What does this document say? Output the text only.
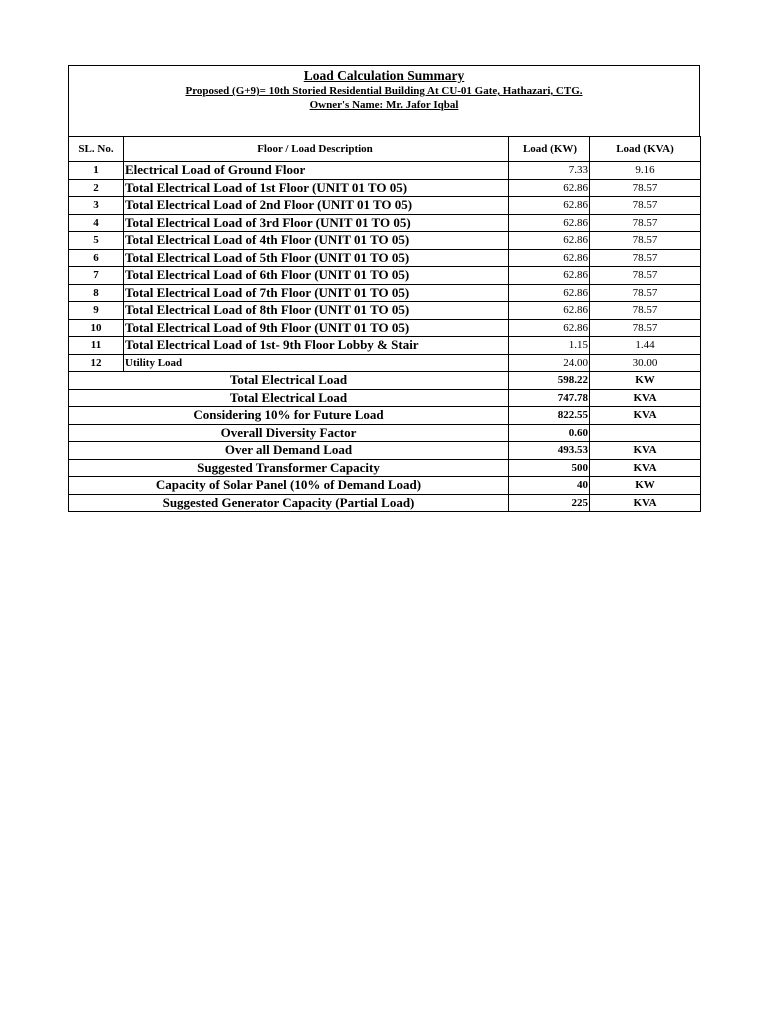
Load Calculation Summary
Proposed (G+9)= 10th Storied Residential Building At CU-01 Gate, Hathazari, CTG.
Owner's Name: Mr. Jafor Iqbal
SL. No.	Floor / Load Description	Load (KW)	Load (KVA)
1	Electrical Load of Ground Floor	7.33	9.16
2	Total Electrical Load of 1st Floor (UNIT 01 TO 05)	62.86	78.57
3	Total Electrical Load of 2nd Floor (UNIT 01 TO 05)	62.86	78.57
4	Total Electrical Load of 3rd Floor (UNIT 01 TO 05)	62.86	78.57
5	Total Electrical Load of 4th Floor (UNIT 01 TO 05)	62.86	78.57
6	Total Electrical Load of 5th Floor (UNIT 01 TO 05)	62.86	78.57
7	Total Electrical Load of 6th Floor (UNIT 01 TO 05)	62.86	78.57
8	Total Electrical Load of 7th Floor (UNIT 01 TO 05)	62.86	78.57
9	Total Electrical Load of 8th Floor (UNIT 01 TO 05)	62.86	78.57
10	Total Electrical Load of 9th Floor (UNIT 01 TO 05)	62.86	78.57
11	Total Electrical Load of 1st- 9th Floor Lobby & Stair	1.15	1.44
12	Utility Load	24.00	30.00
Total Electrical Load		598.22	KW
Total Electrical Load		747.78	KVA
Considering 10% for Future Load		822.55	KVA
Overall Diversity Factor		0.60	
Over all Demand Load		493.53	KVA
Suggested Transformer Capacity		500	KVA
Capacity of Solar Panel (10% of Demand Load)		40	KW
Suggested Generator Capacity (Partial Load)		225	KVA
